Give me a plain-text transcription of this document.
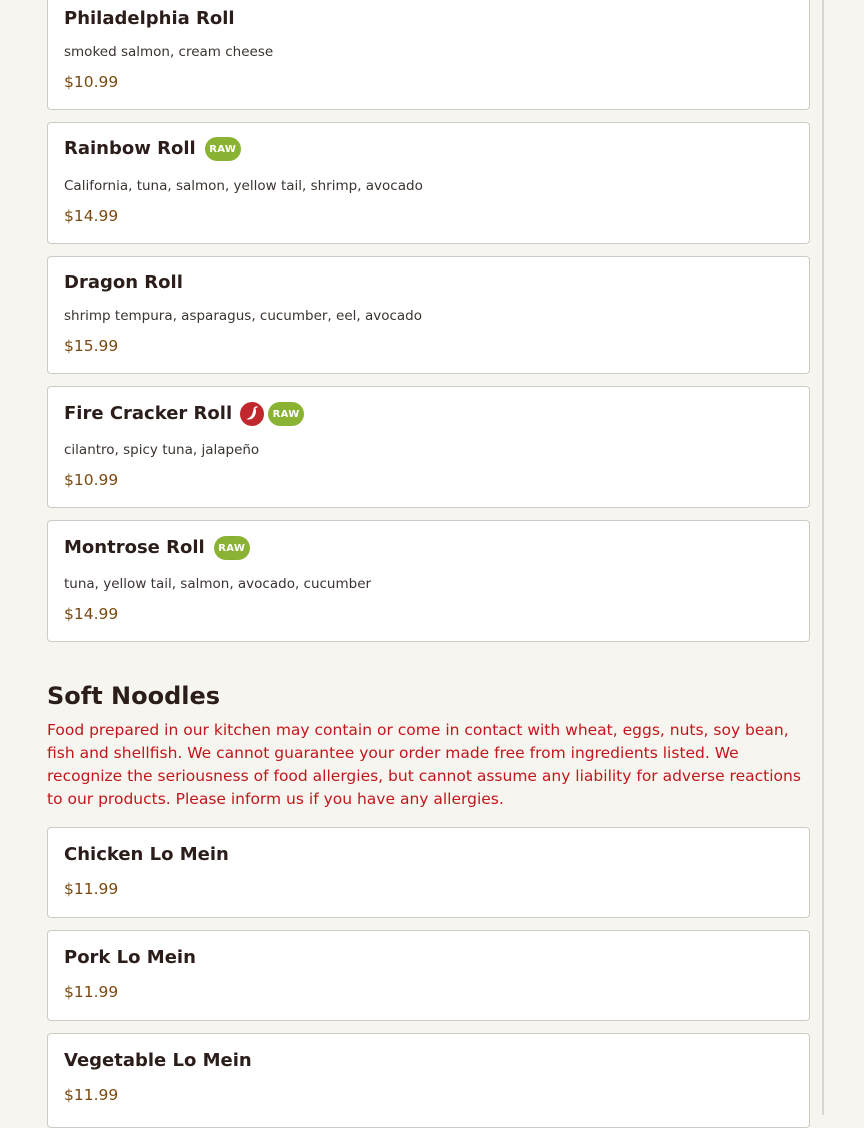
Philadelphia Roll
smoked salmon, cream cheese
$10.99
Rainbow Roll	RAW
California, tuna, salmon, yellow tail, shrimp, avocado
$14.99
Dragon Roll
shrimp tempura, asparagus, cucumber, eel, avocado
$15.99
Fire Cracker Roll	RAW
cilantro, spicy tuna, jalapeño
$10.99
Montrose Roll	RAW
tuna, yellow tail, salmon, avocado, cucumber
$14.99
Soft Noodles
Food prepared in our kitchen may contain or come in contact with wheat, eggs, nuts, soy bean, fish and shellfish. We cannot guarantee your order made free from ingredients listed. We recognize the seriousness of food allergies, but cannot assume any liability for adverse reactions to our products. Please inform us if you have any allergies.
Chicken Lo Mein
$11.99
Pork Lo Mein
$11.99
Vegetable Lo Mein
$11.99
